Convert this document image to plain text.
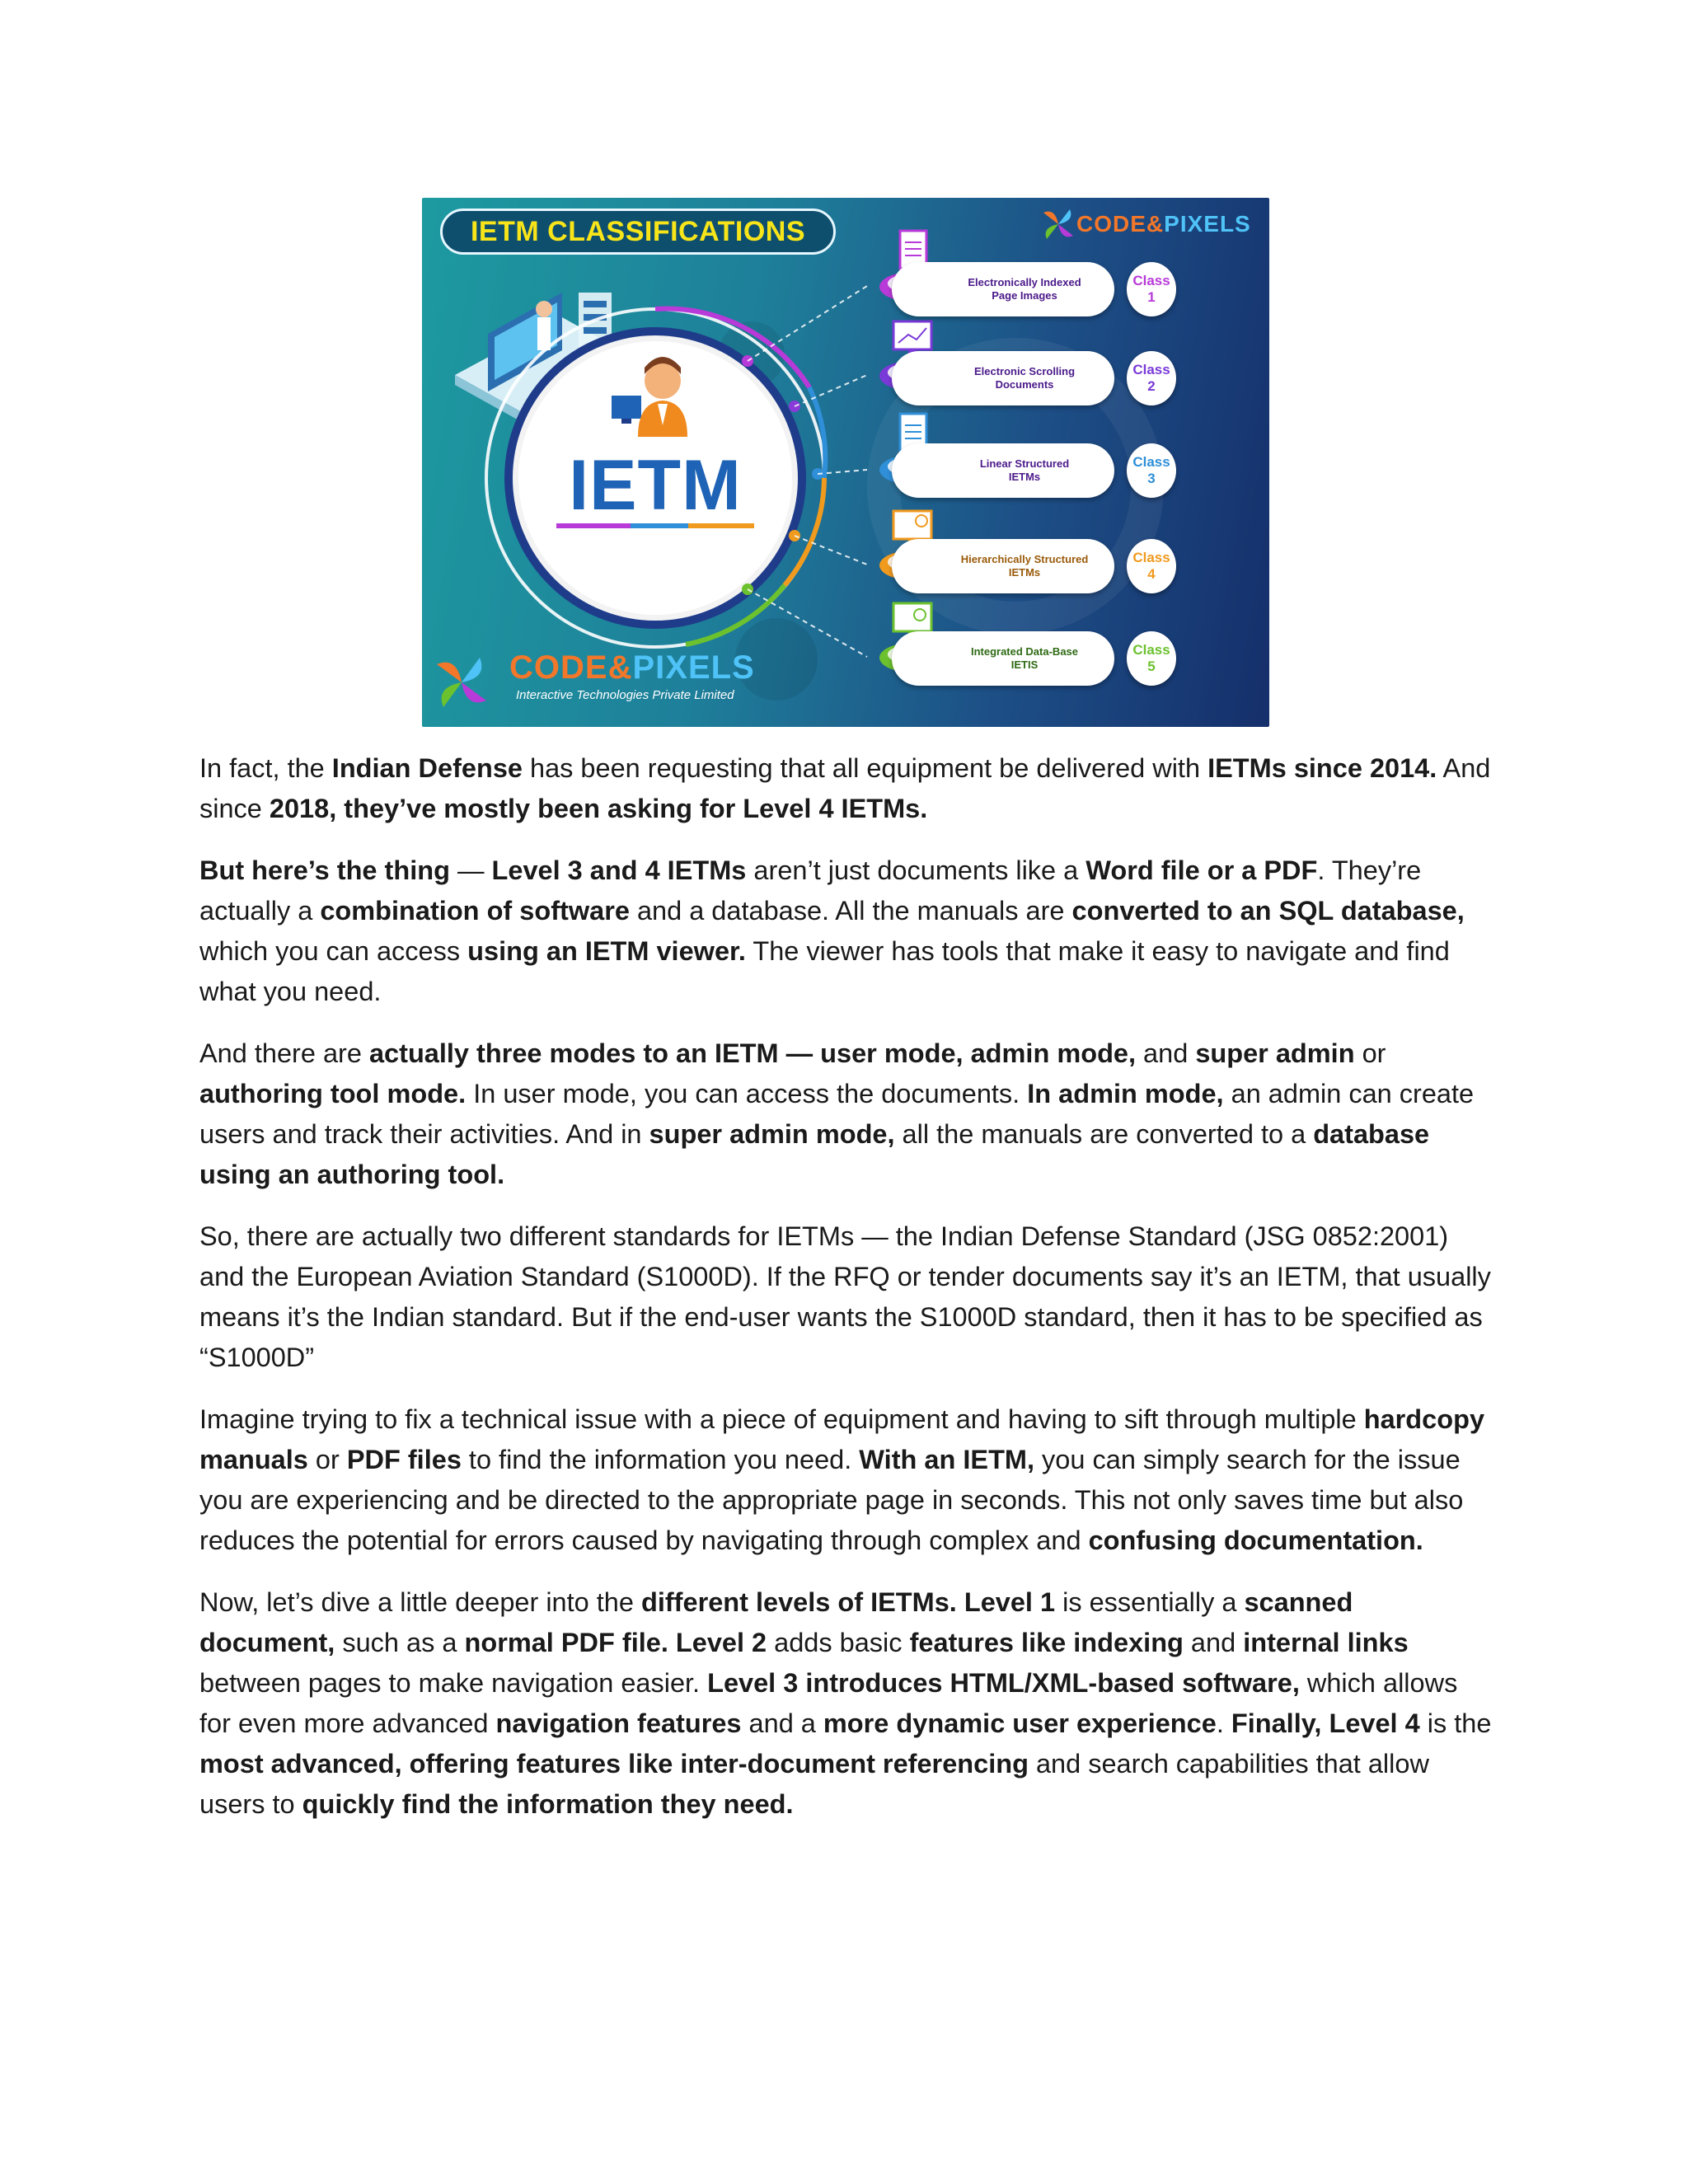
IETM CLASSIFICATIONS	CODE&PIXELS
IETM
Electronically Indexed
Page Images
Class
1
Electronic Scrolling
Documents
Class
2
Linear Structured
IETMs
Class
3
Hierarchically Structured
IETMs
Class
4
Integrated Data-Base
IETIS
Class
5
CODE&PIXELS
Interactive Technologies Private Limited

In fact, the Indian Defense has been requesting that all equipment be delivered with IETMs since 2014. And since 2018, they’ve mostly been asking for Level 4 IETMs.

But here’s the thing — Level 3 and 4 IETMs aren’t just documents like a Word file or a PDF. They’re actually a combination of software and a database. All the manuals are converted to an SQL database, which you can access using an IETM viewer. The viewer has tools that make it easy to navigate and find what you need.

And there are actually three modes to an IETM — user mode, admin mode, and super admin or authoring tool mode. In user mode, you can access the documents. In admin mode, an admin can create users and track their activities. And in super admin mode, all the manuals are converted to a database using an authoring tool.

So, there are actually two different standards for IETMs — the Indian Defense Standard (JSG 0852:2001) and the European Aviation Standard (S1000D). If the RFQ or tender documents say it’s an IETM, that usually means it’s the Indian standard. But if the end-user wants the S1000D standard, then it has to be specified as “S1000D”

Imagine trying to fix a technical issue with a piece of equipment and having to sift through multiple hardcopy manuals or PDF files to find the information you need. With an IETM, you can simply search for the issue you are experiencing and be directed to the appropriate page in seconds. This not only saves time but also reduces the potential for errors caused by navigating through complex and confusing documentation.

Now, let’s dive a little deeper into the different levels of IETMs. Level 1 is essentially a scanned document, such as a normal PDF file. Level 2 adds basic features like indexing and internal links between pages to make navigation easier. Level 3 introduces HTML/XML-based software, which allows for even more advanced navigation features and a more dynamic user experience. Finally, Level 4 is the most advanced, offering features like inter-document referencing and search capabilities that allow users to quickly find the information they need.
